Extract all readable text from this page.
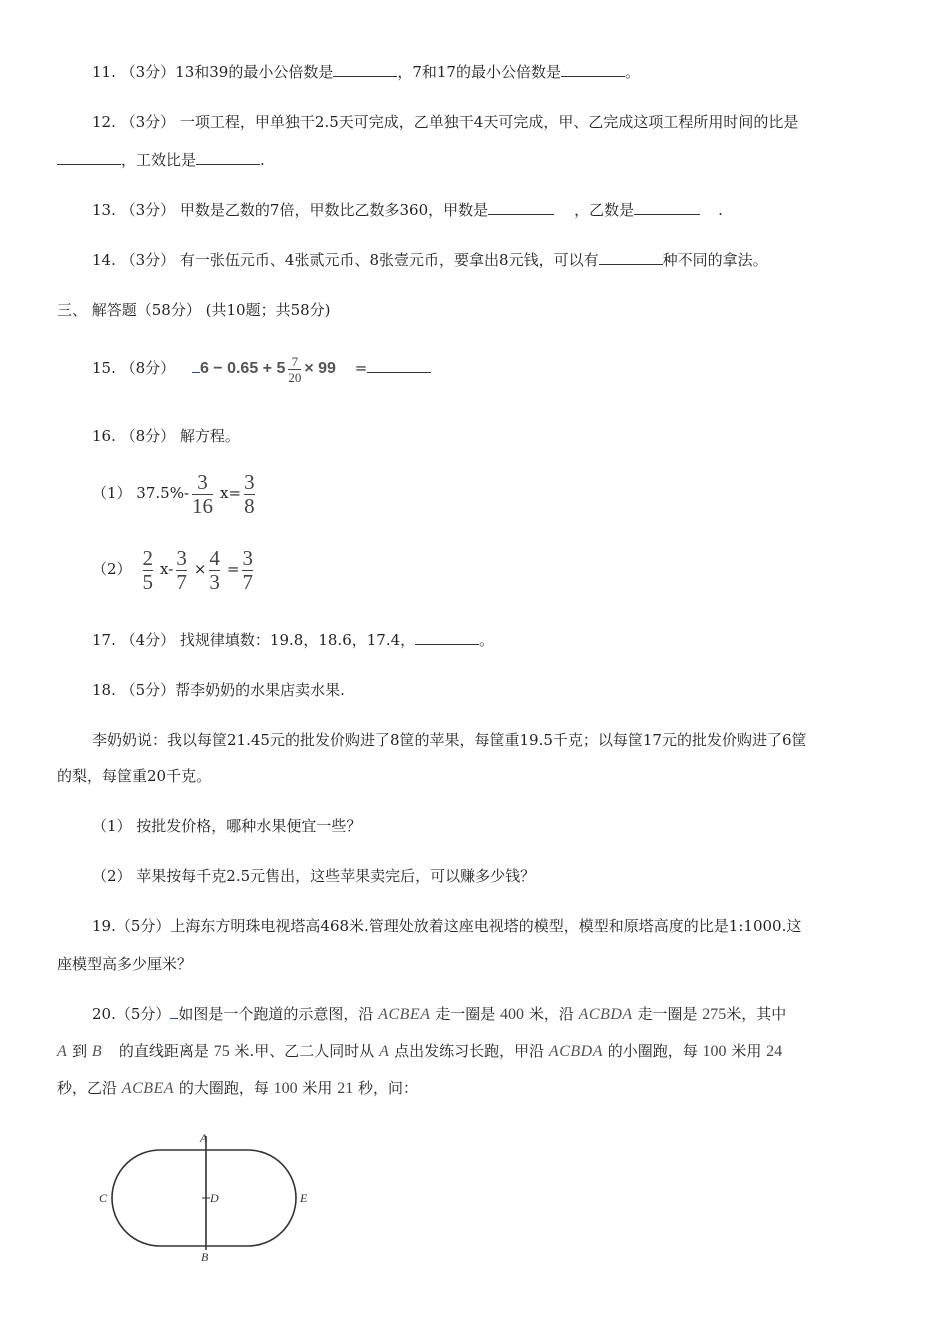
11. （3分）13和39的最小公倍数是	，7和17的最小公倍数是	。
12. （3分） 一项工程，甲单独干2.5天可完成，乙单独干4天可完成，甲、乙完成这项工程所用时间的比是
，工效比是	.
13. （3分） 甲数是乙数的7倍，甲数比乙数多360，甲数是	，乙数是	.
14. （3分） 有一张伍元币、4张贰元币、8张壹元币，要拿出8元钱，可以有	种不同的拿法。
三、 解答题（58分） (共10题；共58分)
15. （8分） $6 - 0.65 + 5 \frac{7}{20} \times 99$ =
16. （8分） 解方程。
（1） $37.5\%- \frac{3}{16} x= \frac{3}{8}$
$(2) \frac{2}{5} x- \frac{3}{7} \times \frac{4}{3} = \frac{3}{7}$
17. （4分） 找规律填数：19.8，18.6，17.4，	。
18. （5分）帮李奶奶的水果店卖水果.
李奶奶说：我以每筐21.45元的批发价购进了8筐的苹果，每筐重19.5千克；以每筐17元的批发价购进了6筐
的梨，每筐重20千克。
（1） 按批发价格，哪种水果便宜一些？
（2） 苹果按每千克2.5元售出，这些苹果卖完后，可以赚多少钱？
19.（5分）上海东方明珠电视塔高468米.管理处放着这座电视塔的模型，模型和原塔高度的比是1:1000.这
座模型高多少厘米？
20.（5分） 如图是一个跑道的示意图，沿 ACBEA 走一圈是 400 米，沿 ACBDA 走一圈是 275米，其中
A 到 B 的直线距离是 75 米.甲、乙二人同时从 A 点出发练习长跑，甲沿 ACBDA 的小圈跑，每 100 米用 24
秒，乙沿 ACBEA 的大圈跑，每 100 米用 21 秒，问：
A
B
C	D	E
